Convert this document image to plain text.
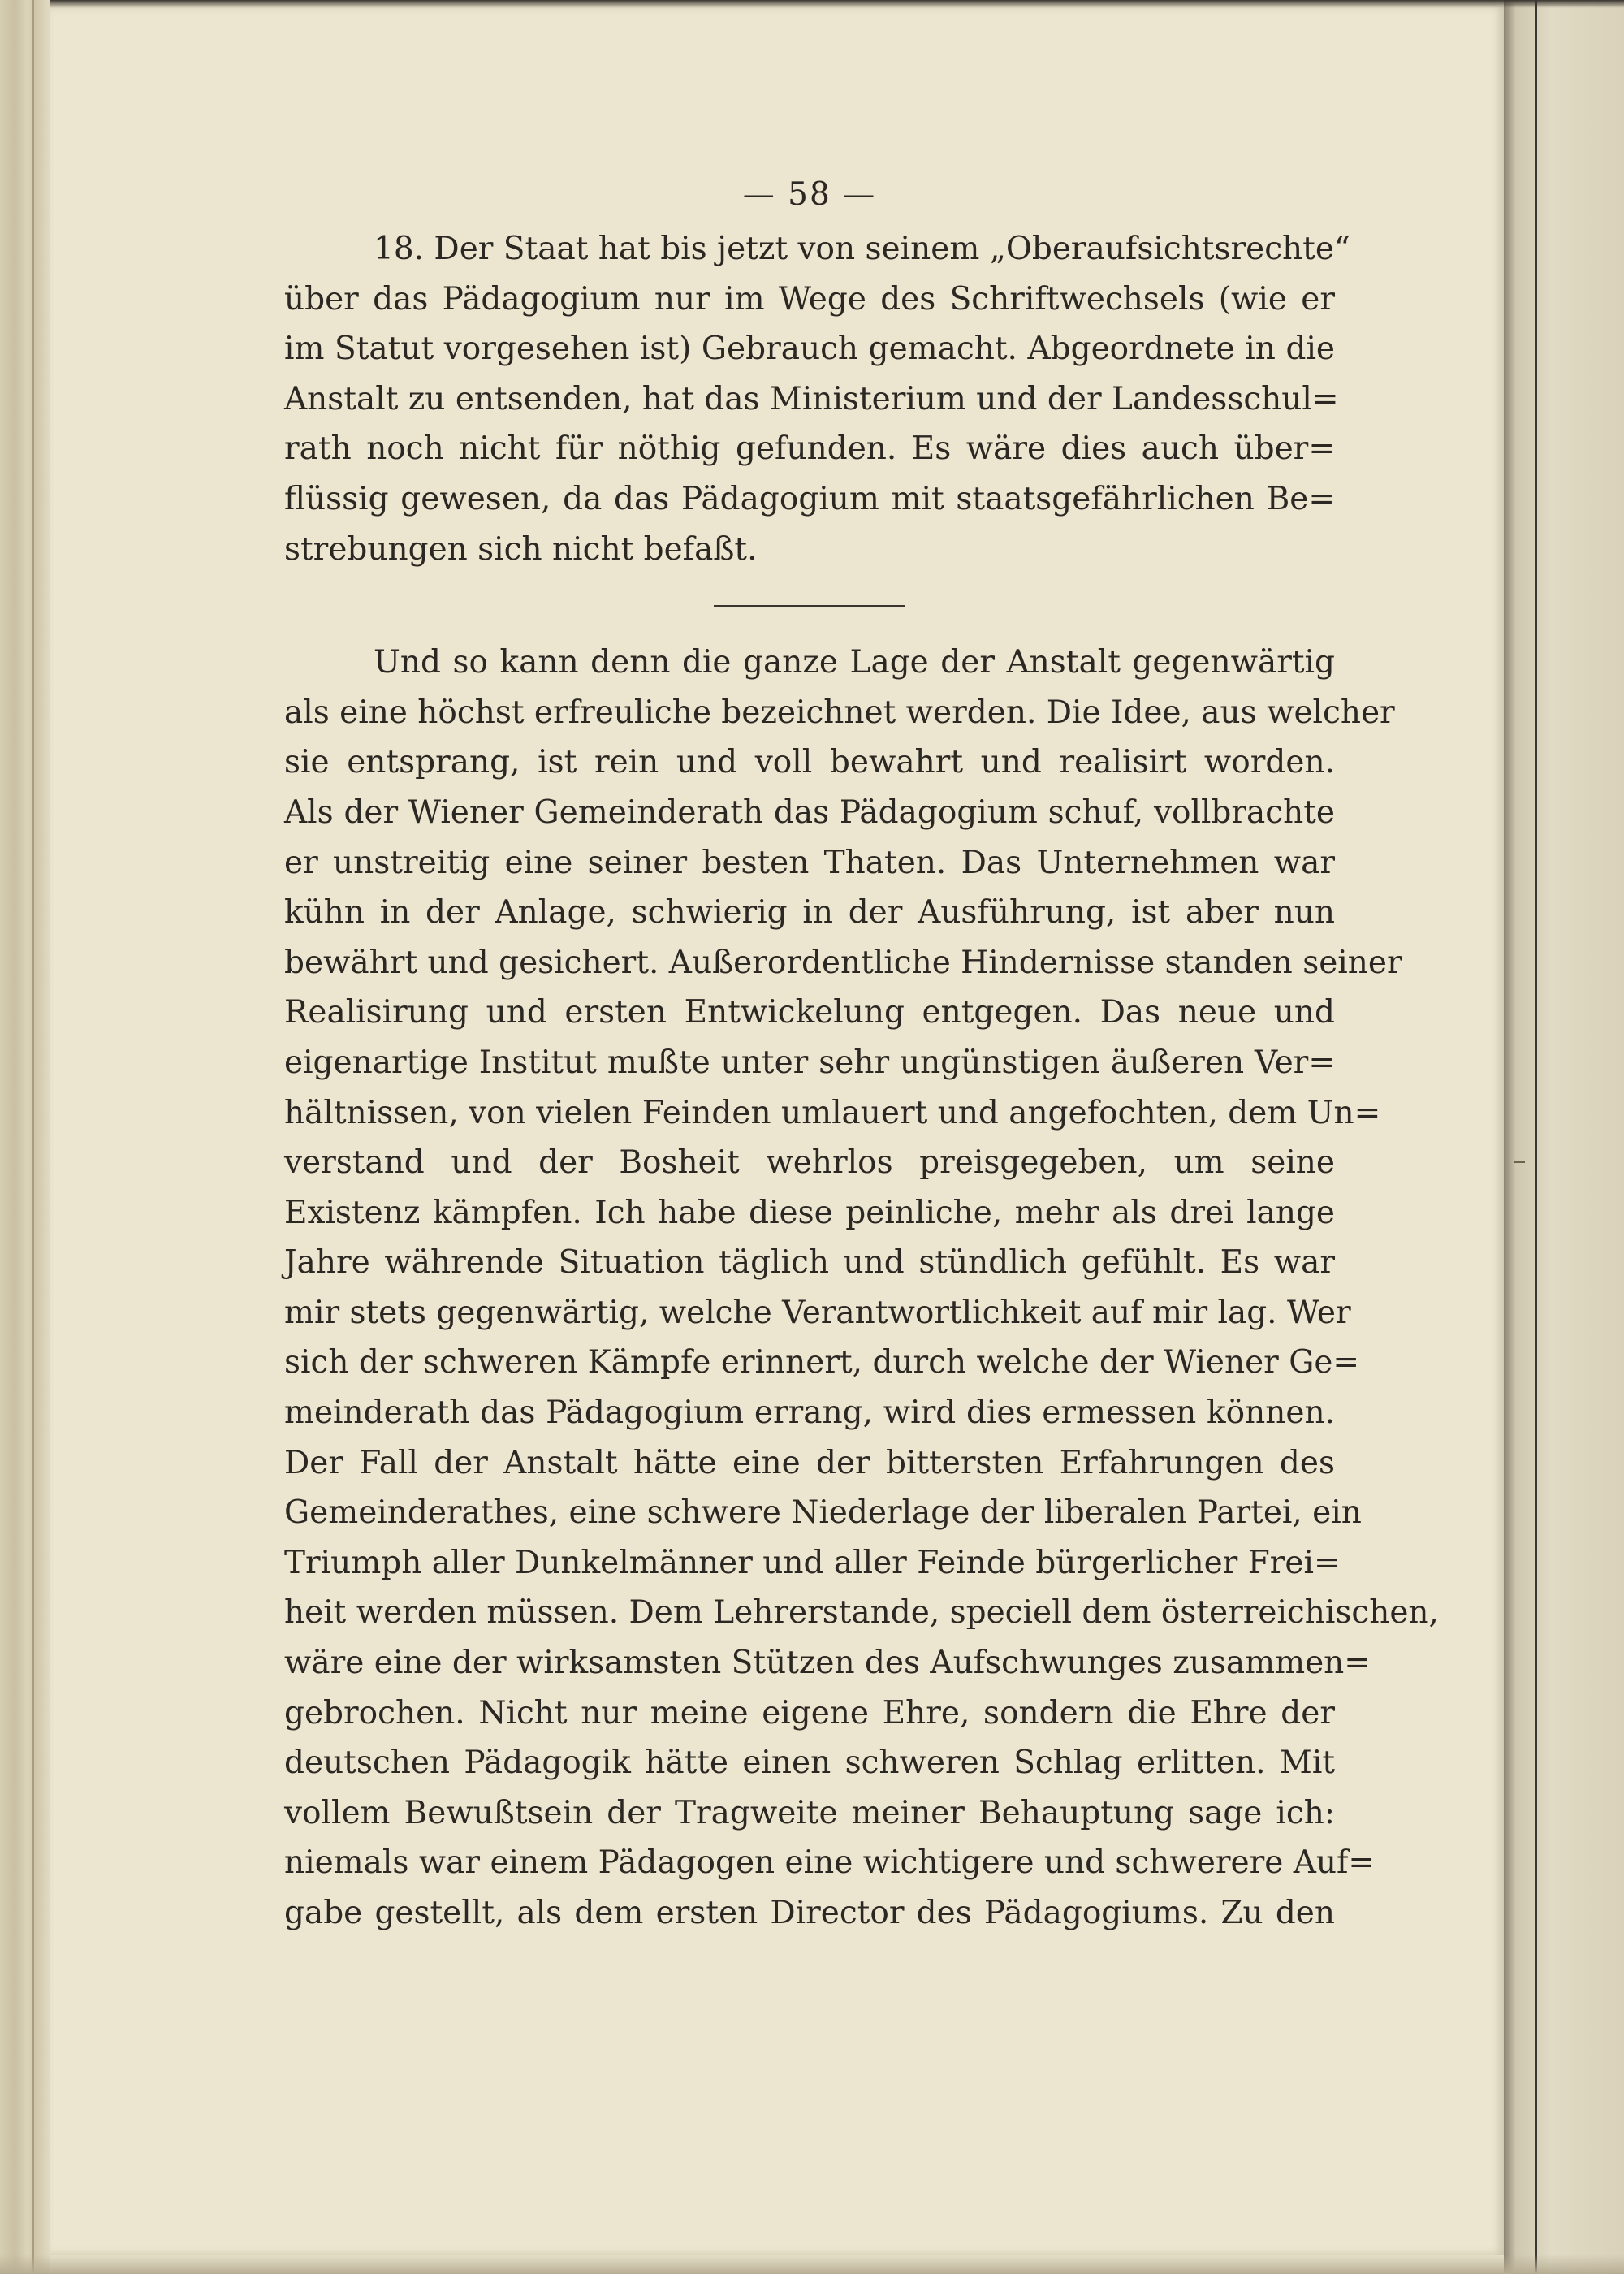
— 58 —
18. Der Staat hat bis jetzt von seinem „Oberaufsichtsrechte“
über das Pädagogium nur im Wege des Schriftwechsels (wie er
im Statut vorgesehen ist) Gebrauch gemacht. Abgeordnete in die
Anstalt zu entsenden, hat das Ministerium und der Landesschul=
rath noch nicht für nöthig gefunden. Es wäre dies auch über=
flüssig gewesen, da das Pädagogium mit staatsgefährlichen Be=
strebungen sich nicht befaßt.
Und so kann denn die ganze Lage der Anstalt gegenwärtig
als eine höchst erfreuliche bezeichnet werden. Die Idee, aus welcher
sie entsprang, ist rein und voll bewahrt und realisirt worden.
Als der Wiener Gemeinderath das Pädagogium schuf, vollbrachte
er unstreitig eine seiner besten Thaten. Das Unternehmen war
kühn in der Anlage, schwierig in der Ausführung, ist aber nun
bewährt und gesichert. Außerordentliche Hindernisse standen seiner
Realisirung und ersten Entwickelung entgegen. Das neue und
eigenartige Institut mußte unter sehr ungünstigen äußeren Ver=
hältnissen, von vielen Feinden umlauert und angefochten, dem Un=
verstand und der Bosheit wehrlos preisgegeben, um seine
Existenz kämpfen. Ich habe diese peinliche, mehr als drei lange
Jahre währende Situation täglich und stündlich gefühlt. Es war
mir stets gegenwärtig, welche Verantwortlichkeit auf mir lag. Wer
sich der schweren Kämpfe erinnert, durch welche der Wiener Ge=
meinderath das Pädagogium errang, wird dies ermessen können.
Der Fall der Anstalt hätte eine der bittersten Erfahrungen des
Gemeinderathes, eine schwere Niederlage der liberalen Partei, ein
Triumph aller Dunkelmänner und aller Feinde bürgerlicher Frei=
heit werden müssen. Dem Lehrerstande, speciell dem österreichischen,
wäre eine der wirksamsten Stützen des Aufschwunges zusammen=
gebrochen. Nicht nur meine eigene Ehre, sondern die Ehre der
deutschen Pädagogik hätte einen schweren Schlag erlitten. Mit
vollem Bewußtsein der Tragweite meiner Behauptung sage ich:
niemals war einem Pädagogen eine wichtigere und schwerere Auf=
gabe gestellt, als dem ersten Director des Pädagogiums. Zu den
